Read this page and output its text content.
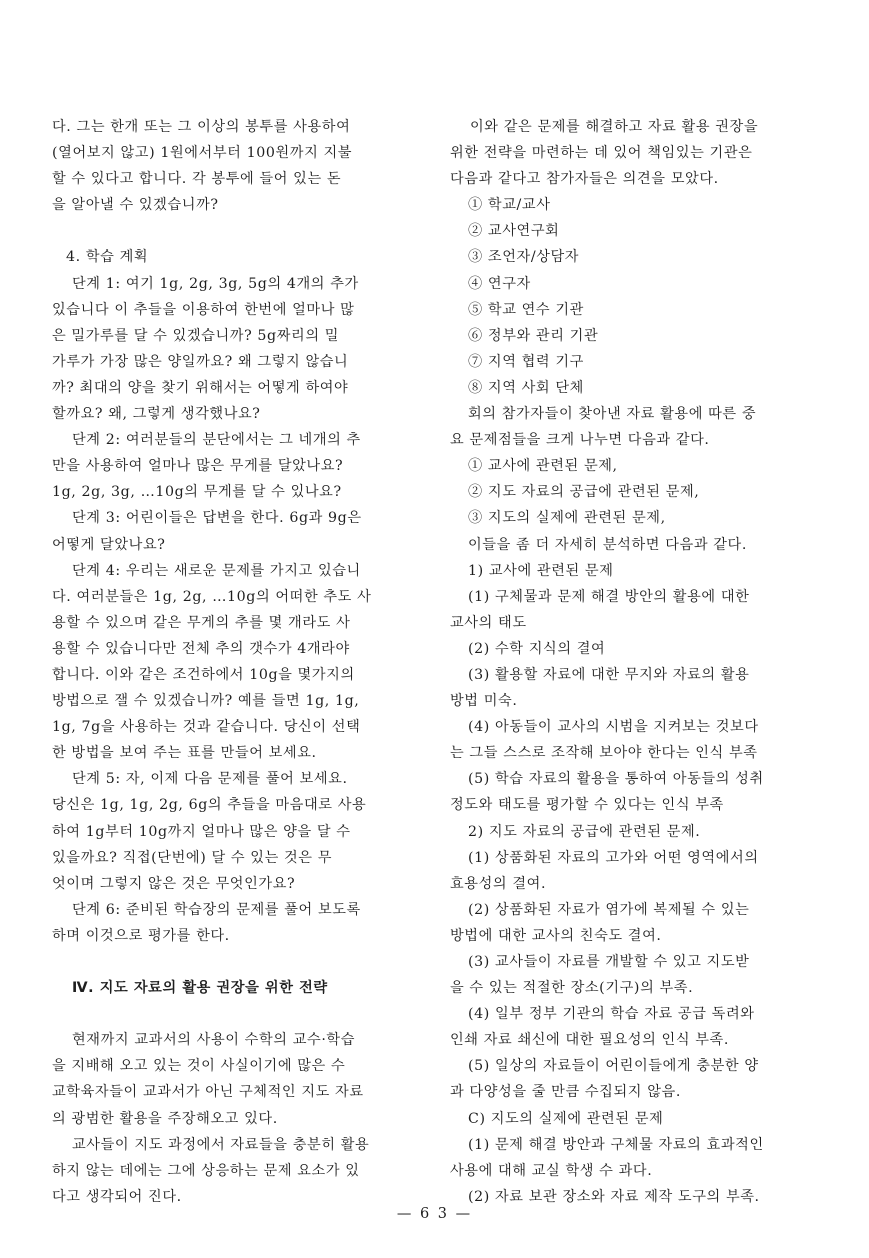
다. 그는 한개 또는 그 이상의 봉투를 사용하여
(열어보지 않고) 1원에서부터 100원까지 지불
할 수 있다고 합니다. 각 봉투에 들어 있는 돈
을 알아낼 수 있겠습니까?
4. 학습 계획
단계 1: 여기 1g, 2g, 3g, 5g의 4개의 추가
있습니다 이 추들을 이용하여 한번에 얼마나 많
은 밀가루를 달 수 있겠습니까? 5g짜리의 밀
가루가 가장 많은 양일까요? 왜 그렇지 않습니
까? 최대의 양을 찾기 위해서는 어떻게 하여야
할까요? 왜, 그렇게 생각했나요?
단계 2: 여러분들의 분단에서는 그 네개의 추
만을 사용하여 얼마나 많은 무게를 달았나요?
1g, 2g, 3g, …10g의 무게를 달 수 있나요?
단계 3: 어린이들은 답변을 한다. 6g과 9g은
어떻게 달았나요?
단계 4: 우리는 새로운 문제를 가지고 있습니
다. 여러분들은 1g, 2g, …10g의 어떠한 추도 사
용할 수 있으며 같은 무게의 추를 몇 개라도 사
용할 수 있습니다만 전체 추의 갯수가 4개라야
합니다. 이와 같은 조건하에서 10g을 몇가지의
방법으로 잴 수 있겠습니까? 예를 들면 1g, 1g,
1g, 7g을 사용하는 것과 같습니다. 당신이 선택
한 방법을 보여 주는 표를 만들어 보세요.
단계 5: 자, 이제 다음 문제를 풀어 보세요.
당신은 1g, 1g, 2g, 6g의 추들을 마음대로 사용
하여 1g부터 10g까지 얼마나 많은 양을 달 수
있을까요? 직접(단번에) 달 수 있는 것은 무
엇이며 그렇지 않은 것은 무엇인가요?
단계 6: 준비된 학습장의 문제를 풀어 보도록
하며 이것으로 평가를 한다.
Ⅳ. 지도 자료의 활용 권장을 위한 전략
현재까지 교과서의 사용이 수학의 교수·학습
을 지배해 오고 있는 것이 사실이기에 많은 수
교학육자들이 교과서가 아닌 구체적인 지도 자료
의 광범한 활용을 주장해오고 있다.
교사들이 지도 과정에서 자료들을 충분히 활용
하지 않는 데에는 그에 상응하는 문제 요소가 있
다고 생각되어 진다.
이와 같은 문제를 해결하고 자료 활용 권장을
위한 전략을 마련하는 데 있어 책임있는 기관은
다음과 같다고 참가자들은 의견을 모았다.
① 학교/교사
② 교사연구회
③ 조언자/상담자
④ 연구자
⑤ 학교 연수 기관
⑥ 정부와 관리 기관
⑦ 지역 협력 기구
⑧ 지역 사회 단체
회의 참가자들이 찾아낸 자료 활용에 따른 중
요 문제점들을 크게 나누면 다음과 같다.
① 교사에 관련된 문제,
② 지도 자료의 공급에 관련된 문제,
③ 지도의 실제에 관련된 문제,
이들을 좀 더 자세히 분석하면 다음과 같다.
1) 교사에 관련된 문제
(1) 구체물과 문제 해결 방안의 활용에 대한
교사의 태도
(2) 수학 지식의 결여
(3) 활용할 자료에 대한 무지와 자료의 활용
방법 미숙.
(4) 아동들이 교사의 시범을 지켜보는 것보다
는 그들 스스로 조작해 보아야 한다는 인식 부족
(5) 학습 자료의 활용을 통하여 아동들의 성취
정도와 태도를 평가할 수 있다는 인식 부족
2) 지도 자료의 공급에 관련된 문제.
(1) 상품화된 자료의 고가와 어떤 영역에서의
효용성의 결여.
(2) 상품화된 자료가 염가에 복제될 수 있는
방법에 대한 교사의 친숙도 결여.
(3) 교사들이 자료를 개발할 수 있고 지도받
을 수 있는 적절한 장소(기구)의 부족.
(4) 일부 정부 기관의 학습 자료 공급 독려와
인쇄 자료 쇄신에 대한 필요성의 인식 부족.
(5) 일상의 자료들이 어린이들에게 충분한 양
과 다양성을 줄 만큼 수집되지 않음.
C) 지도의 실제에 관련된 문제
(1) 문제 해결 방안과 구체물 자료의 효과적인
사용에 대해 교실 학생 수 과다.
(2) 자료 보관 장소와 자료 제작 도구의 부족.
— 6 3 —
